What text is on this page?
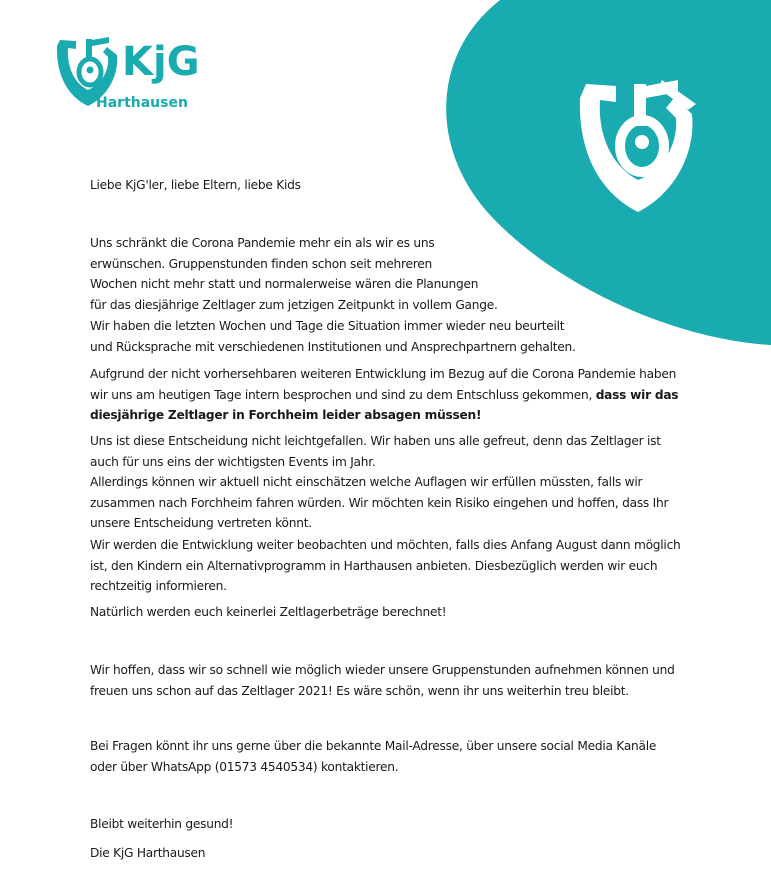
KjG
Harthausen

Liebe KjG'ler, liebe Eltern, liebe Kids

Uns schränkt die Corona Pandemie mehr ein als wir es uns
erwünschen. Gruppenstunden finden schon seit mehreren
Wochen nicht mehr statt und normalerweise wären die Planungen
für das diesjährige Zeltlager zum jetzigen Zeitpunkt in vollem Gange.

Wir haben die letzten Wochen und Tage die Situation immer wieder neu beurteilt
und Rücksprache mit verschiedenen Institutionen und Ansprechpartnern gehalten.

Aufgrund der nicht vorhersehbaren weiteren Entwicklung im Bezug auf die Corona Pandemie haben
wir uns am heutigen Tage intern besprochen und sind zu dem Entschluss gekommen, dass wir das
diesjährige Zeltlager in Forchheim leider absagen müssen!

Uns ist diese Entscheidung nicht leichtgefallen. Wir haben uns alle gefreut, denn das Zeltlager ist
auch für uns eins der wichtigsten Events im Jahr.
Allerdings können wir aktuell nicht einschätzen welche Auflagen wir erfüllen müssten, falls wir
zusammen nach Forchheim fahren würden. Wir möchten kein Risiko eingehen und hoffen, dass Ihr
unsere Entscheidung vertreten könnt.

Wir werden die Entwicklung weiter beobachten und möchten, falls dies Anfang August dann möglich
ist, den Kindern ein Alternativprogramm in Harthausen anbieten. Diesbezüglich werden wir euch
rechtzeitig informieren.

Natürlich werden euch keinerlei Zeltlagerbeträge berechnet!

Wir hoffen, dass wir so schnell wie möglich wieder unsere Gruppenstunden aufnehmen können und
freuen uns schon auf das Zeltlager 2021! Es wäre schön, wenn ihr uns weiterhin treu bleibt.

Bei Fragen könnt ihr uns gerne über die bekannte Mail-Adresse, über unsere social Media Kanäle
oder über WhatsApp (01573 4540534) kontaktieren.

Bleibt weiterhin gesund!

Die KjG Harthausen
